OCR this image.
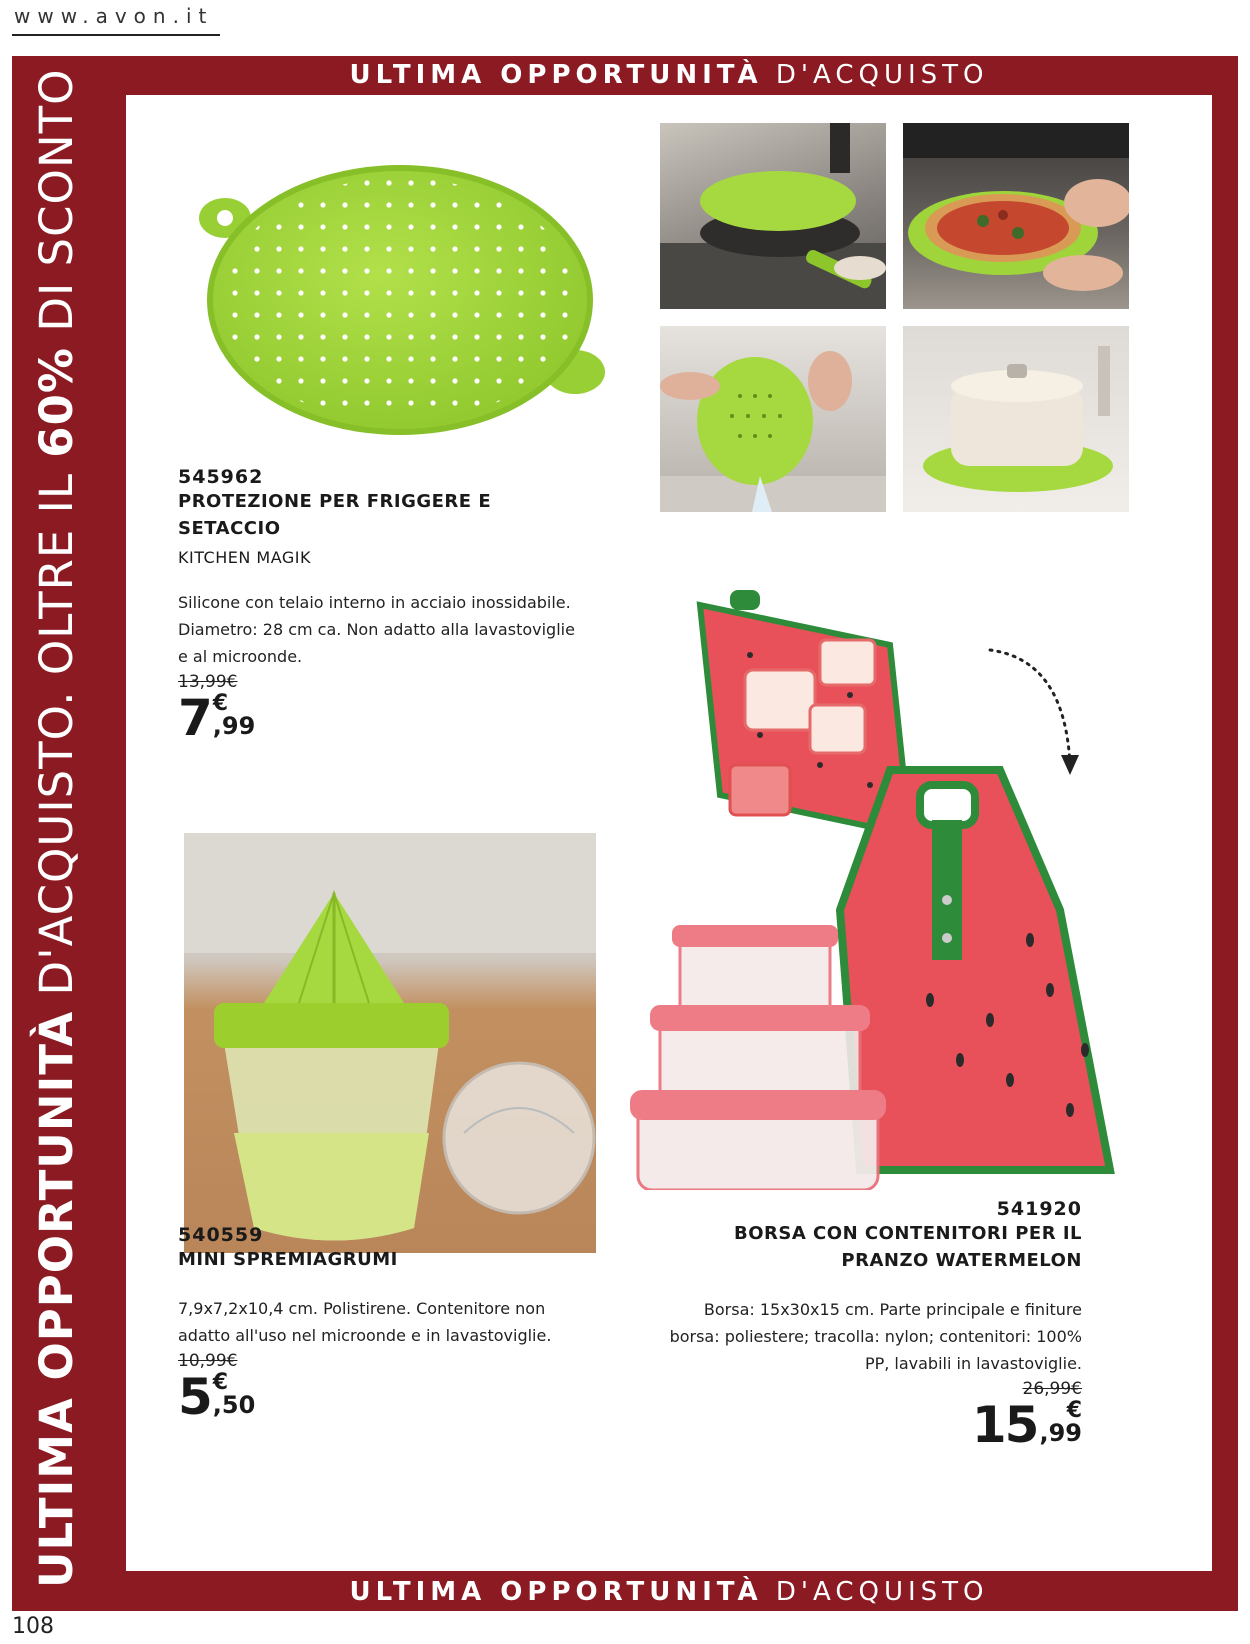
www.avon.it
ULTIMA OPPORTUNITÀ D'ACQUISTO
ULTIMA OPPORTUNITÀ D'ACQUISTO
ULTIMA OPPORTUNITÀ D'ACQUISTO. OLTRE IL 60% DI SCONTO
108
545962
PROTEZIONE PER FRIGGERE E SETACCIO
KITCHEN MAGIK
Silicone con telaio interno in acciaio inossidabile. Diametro: 28 cm ca. Non adatto alla lavastoviglie e al microonde.
13,99€
7 €
,99
540559
MINI SPREMIAGRUMI
7,9x7,2x10,4 cm. Polistirene. Contenitore non adatto all'uso nel microonde e in lavastoviglie.
10,99€
5 €
,50
541920
BORSA CON CONTENITORI PER IL PRANZO WATERMELON
Borsa: 15x30x15 cm. Parte principale e finiture borsa: poliestere; tracolla: nylon; contenitori: 100% PP, lavabili in lavastoviglie.
26,99€
15	€
,99
